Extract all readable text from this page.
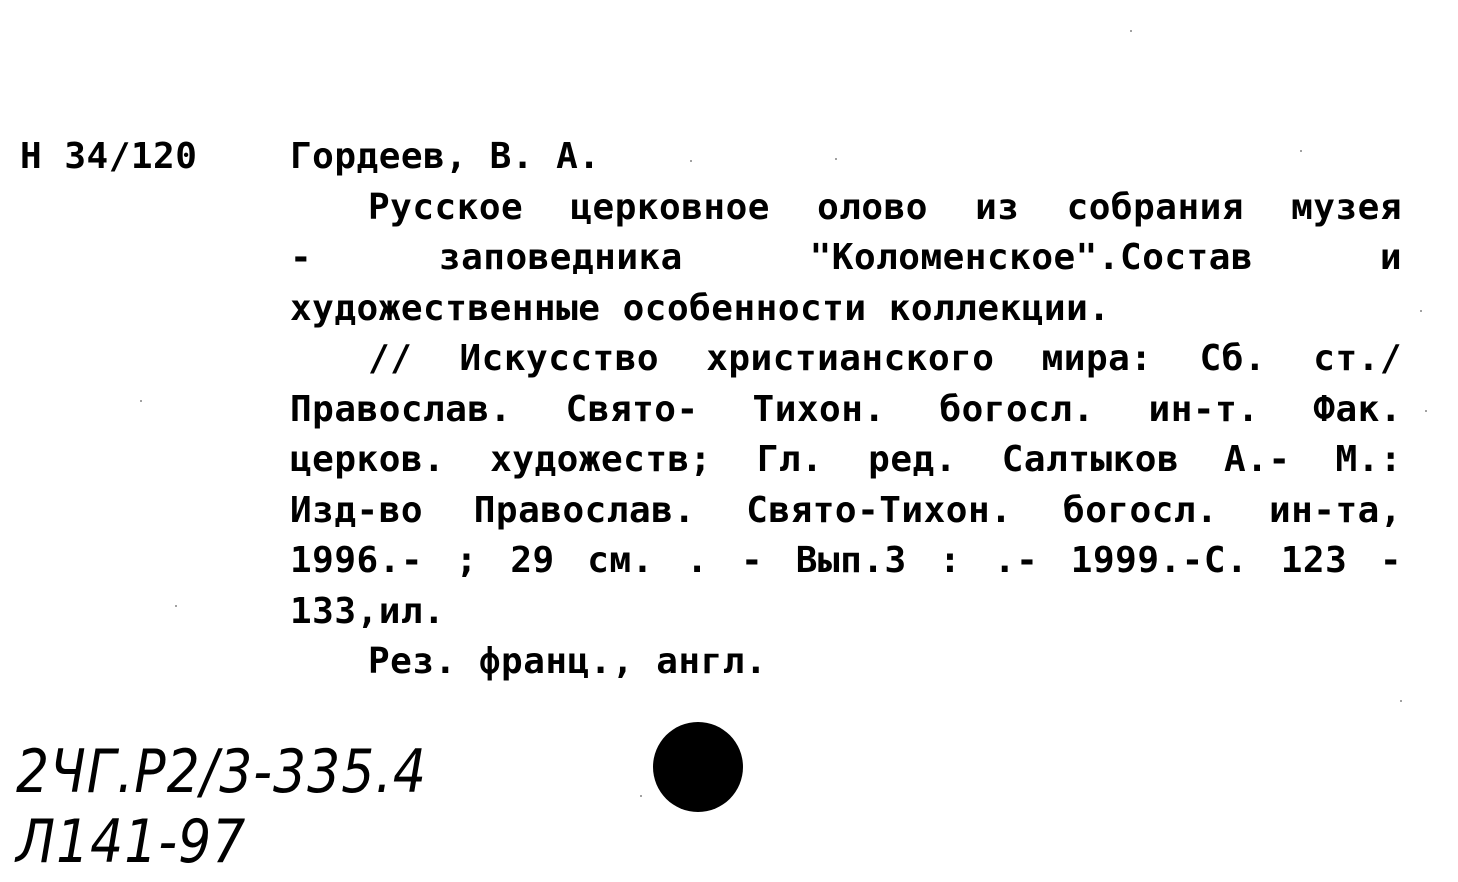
Н 34/120	Гордеев, В. А.
Русское церковное олово из собрания музея
- заповедника "Коломенское".Состав и
художественные особенности коллекции.
// Искусство христианского мира: Сб. ст./
Православ. Свято- Тихон. богосл. ин-т. Фак.
церков. художеств; Гл. ред. Салтыков А.- М.:
Изд-во Православ. Свято-Тихон. богосл. ин-та,
1996.- ; 29 см. . - Вып.3 : .- 1999.-С. 123 -
133,ил.
Рез. франц., англ.
2ЧГ.Р2/3-335.4
Л141-97
